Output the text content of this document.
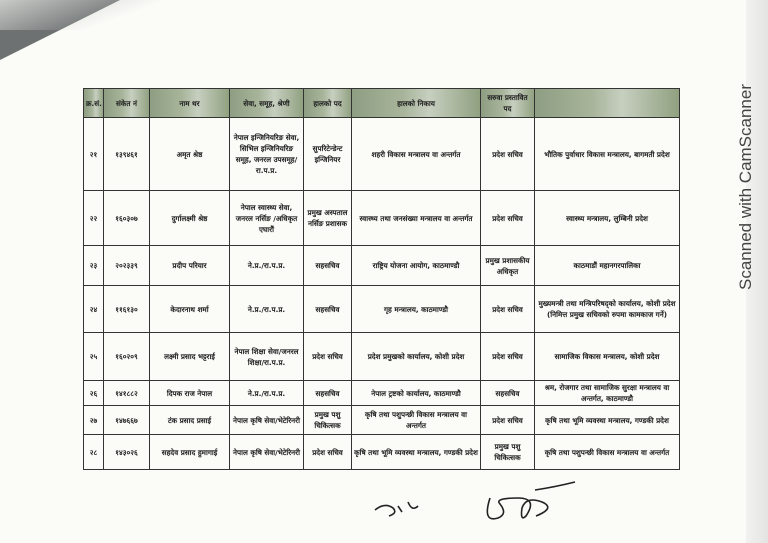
Scanned with CamScanner
क्र.सं.	संकेत नं	नाम थर	सेवा, समूह, श्रेणी	हालको पद	हालको निकाय	सरुवा प्रस्तावित पद	
२१	१३९४६१	अमृत श्रेष्ठ	नेपाल इन्जिनियरिङ सेवा, सिभिल इन्जिनियरिङ समूह, जनरल उपसमूह/रा.प.प्र.	सुपरिटेन्डेन्ट इन्जिनियर	शहरी विकास मन्त्रालय वा अन्तर्गत	प्रदेश सचिव	भौतिक पुर्वाधार विकास मन्त्रालय, बागमती प्रदेश
२२	१६०३०७	दुर्गालक्ष्मी श्रेष्ठ	नेपाल स्वास्थ्य सेवा, जनरल नर्सिङ /अधिकृत एघारौं	प्रमुख अस्पताल नर्सिङ प्रशासक	स्वास्थ्य तथा जनसंख्या मन्त्रालय वा अन्तर्गत	प्रदेश सचिव	स्वास्थ्य मन्त्रालय, लुम्बिनी प्रदेश
२३	२०२३३९	प्रदीप परियार	ने.प्र./रा.प.प्र.	सहसचिव	राष्ट्रिय योजना आयोग, काठमाण्डौ	प्रमुख प्रशासकीय अधिकृत	काठमाडौं महानगरपालिका
२४	११६१३०	केदारनाथ शर्मा	ने.प्र./रा.प.प्र.	सहसचिव	गृह मन्त्रालय, काठमाण्डौ	प्रदेश सचिव	मुख्यमन्त्री तथा मन्त्रिपरिषद्को कार्यालय, कोशी प्रदेश (निमित्त प्रमुख सचिवको रुपमा कामकाज गर्ने)
२५	१६०२०९	लक्ष्मी प्रसाद भट्टराई	नेपाल शिक्षा सेवा/जनरल शिक्षा/रा.प.प्र.	प्रदेश सचिव	प्रदेश प्रमुखको कार्यालय, कोशी प्रदेश	प्रदेश सचिव	सामाजिक विकास मन्त्रालय, कोशी प्रदेश
२६	१४१८८२	दिपक राज नेपाल	ने.प्र./रा.प.प्र.	सहसचिव	नेपाल ट्रष्टको कार्यालय, काठमाण्डौ	सहसचिव	श्रम, रोजगार तथा सामाजिक सुरक्षा मन्त्रालय वा अन्तर्गत, काठमाण्डौ
२७	१४७६६७	टंक प्रसाद प्रसाई	नेपाल कृषि सेवा/भेटेरिनरी	प्रमुख पशु चिकित्सक	कृषि तथा पशुपन्छी विकास मन्त्रालय वा अन्तर्गत	प्रदेश सचिव	कृषि तथा भूमि व्यवस्था मन्त्रालय, गण्डकी प्रदेश
२८	१४३०२६	सहदेव प्रसाद हुमागाई	नेपाल कृषि सेवा/भेटेरिनरी	प्रदेश सचिव	कृषि तथा भूमि व्यवस्था मन्त्रालय, गण्डकी प्रदेश	प्रमुख पशु चिकित्सक	कृषि तथा पशुपन्छी विकास मन्त्रालय वा अन्तर्गत
